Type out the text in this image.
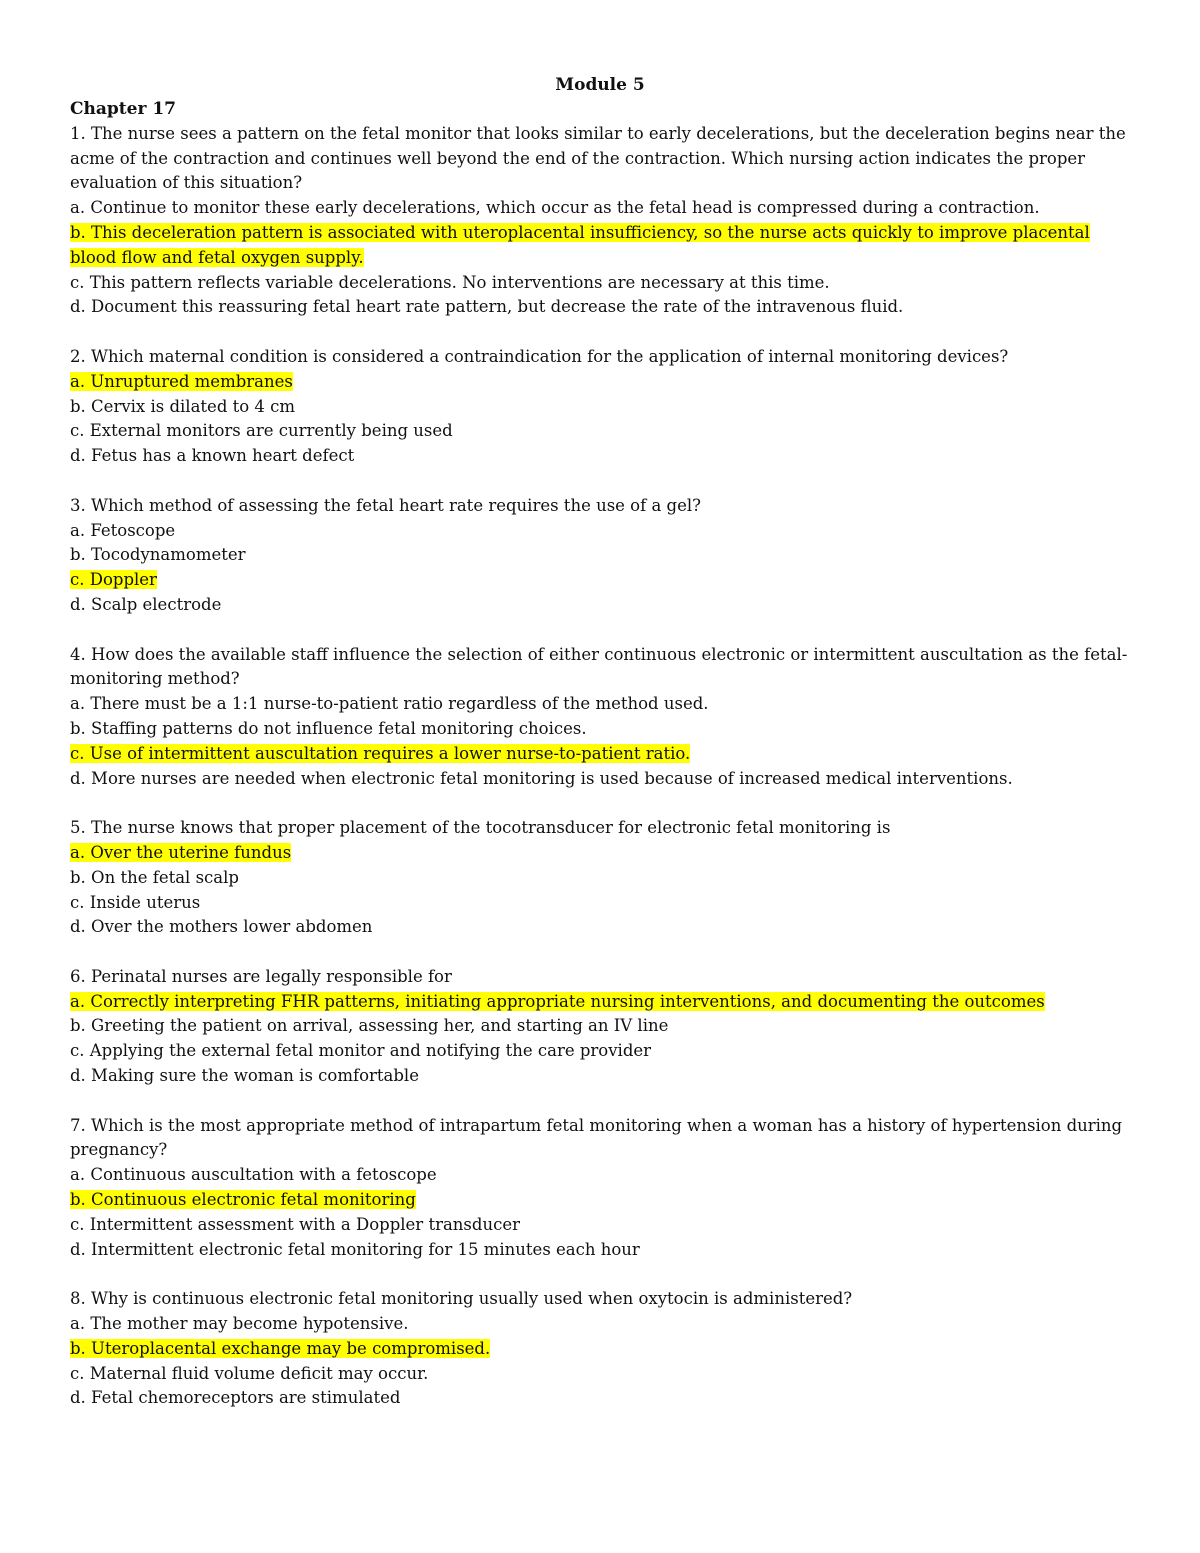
Module 5

Chapter 17

1. The nurse sees a pattern on the fetal monitor that looks similar to early decelerations, but the deceleration begins near the acme of the contraction and continues well beyond the end of the contraction. Which nursing action indicates the proper evaluation of this situation?

a. Continue to monitor these early decelerations, which occur as the fetal head is compressed during a contraction.

b. This deceleration pattern is associated with uteroplacental insufficiency, so the nurse acts quickly to improve placental blood flow and fetal oxygen supply.

c. This pattern reflects variable decelerations. No interventions are necessary at this time.

d. Document this reassuring fetal heart rate pattern, but decrease the rate of the intravenous fluid.

2. Which maternal condition is considered a contraindication for the application of internal monitoring devices?

a. Unruptured membranes

b. Cervix is dilated to 4 cm

c. External monitors are currently being used

d. Fetus has a known heart defect

3. Which method of assessing the fetal heart rate requires the use of a gel?

a. Fetoscope

b. Tocodynamometer

c. Doppler

d. Scalp electrode

4. How does the available staff influence the selection of either continuous electronic or intermittent auscultation as the fetal-monitoring method?

a. There must be a 1:1 nurse-to-patient ratio regardless of the method used.

b. Staffing patterns do not influence fetal monitoring choices.

c. Use of intermittent auscultation requires a lower nurse-to-patient ratio.

d. More nurses are needed when electronic fetal monitoring is used because of increased medical interventions.

5. The nurse knows that proper placement of the tocotransducer for electronic fetal monitoring is

a. Over the uterine fundus

b. On the fetal scalp

c. Inside uterus

d. Over the mothers lower abdomen

6. Perinatal nurses are legally responsible for

a. Correctly interpreting FHR patterns, initiating appropriate nursing interventions, and documenting the outcomes

b. Greeting the patient on arrival, assessing her, and starting an IV line

c. Applying the external fetal monitor and notifying the care provider

d. Making sure the woman is comfortable

7. Which is the most appropriate method of intrapartum fetal monitoring when a woman has a history of hypertension during pregnancy?

a. Continuous auscultation with a fetoscope

b. Continuous electronic fetal monitoring

c. Intermittent assessment with a Doppler transducer

d. Intermittent electronic fetal monitoring for 15 minutes each hour

8. Why is continuous electronic fetal monitoring usually used when oxytocin is administered?

a. The mother may become hypotensive.

b. Uteroplacental exchange may be compromised.

c. Maternal fluid volume deficit may occur.

d. Fetal chemoreceptors are stimulated
